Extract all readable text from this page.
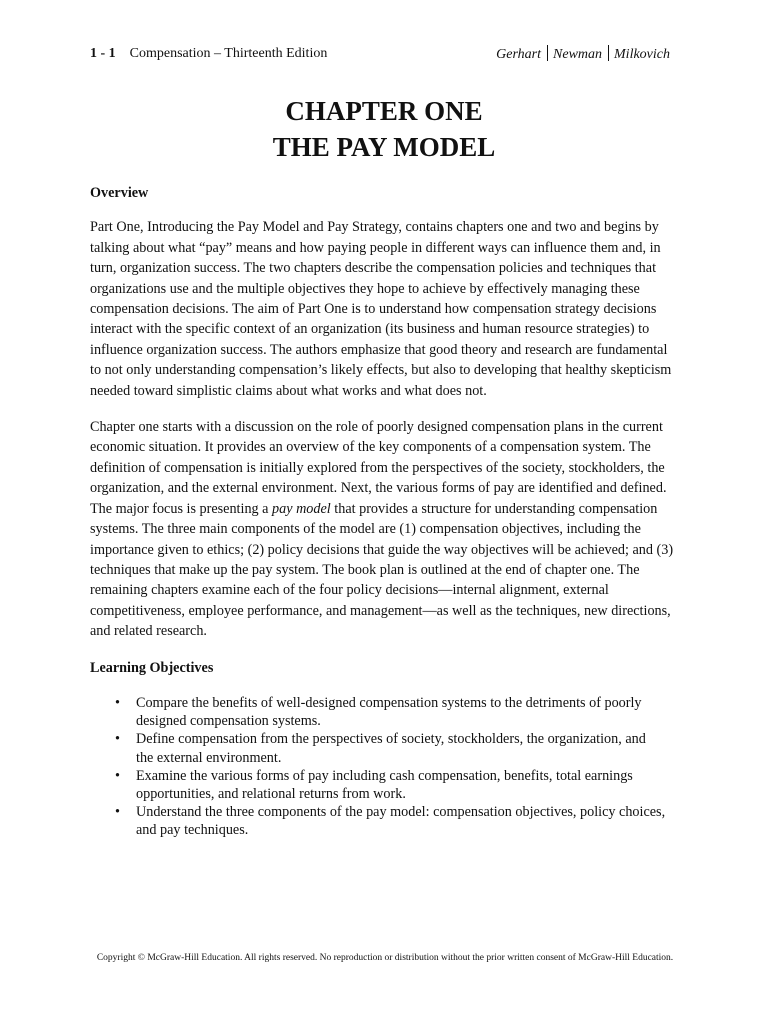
1 - 1 Compensation – Thirteenth Edition	Gerhart Newman Milkovich
CHAPTER ONE
THE PAY MODEL
Overview

Part One, Introducing the Pay Model and Pay Strategy, contains chapters one and two and begins by talking about what “pay” means and how paying people in different ways can influence them and, in turn, organization success. The two chapters describe the compensation policies and techniques that organizations use and the multiple objectives they hope to achieve by effectively managing these compensation decisions. The aim of Part One is to understand how compensation strategy decisions interact with the specific context of an organization (its business and human resource strategies) to influence organization success. The authors emphasize that good theory and research are fundamental to not only understanding compensation’s likely effects, but also to developing that healthy skepticism needed toward simplistic claims about what works and what does not.

Chapter one starts with a discussion on the role of poorly designed compensation plans in the current economic situation. It provides an overview of the key components of a compensation system. The definition of compensation is initially explored from the perspectives of the society, stockholders, the organization, and the external environment. Next, the various forms of pay are identified and defined. The major focus is presenting a pay model that provides a structure for understanding compensation systems. The three main components of the model are (1) compensation objectives, including the importance given to ethics; (2) policy decisions that guide the way objectives will be achieved; and (3) techniques that make up the pay system. The book plan is outlined at the end of chapter one. The remaining chapters examine each of the four policy decisions—internal alignment, external competitiveness, employee performance, and management—as well as the techniques, new directions, and related research.

Learning Objectives
• Compare the benefits of well-designed compensation systems to the detriments of poorly designed compensation systems.
• Define compensation from the perspectives of society, stockholders, the organization, and the external environment.
• Examine the various forms of pay including cash compensation, benefits, total earnings opportunities, and relational returns from work.
• Understand the three components of the pay model: compensation objectives, policy choices, and pay techniques.
Copyright © McGraw-Hill Education. All rights reserved. No reproduction or distribution without the prior written consent of McGraw-Hill Education.
